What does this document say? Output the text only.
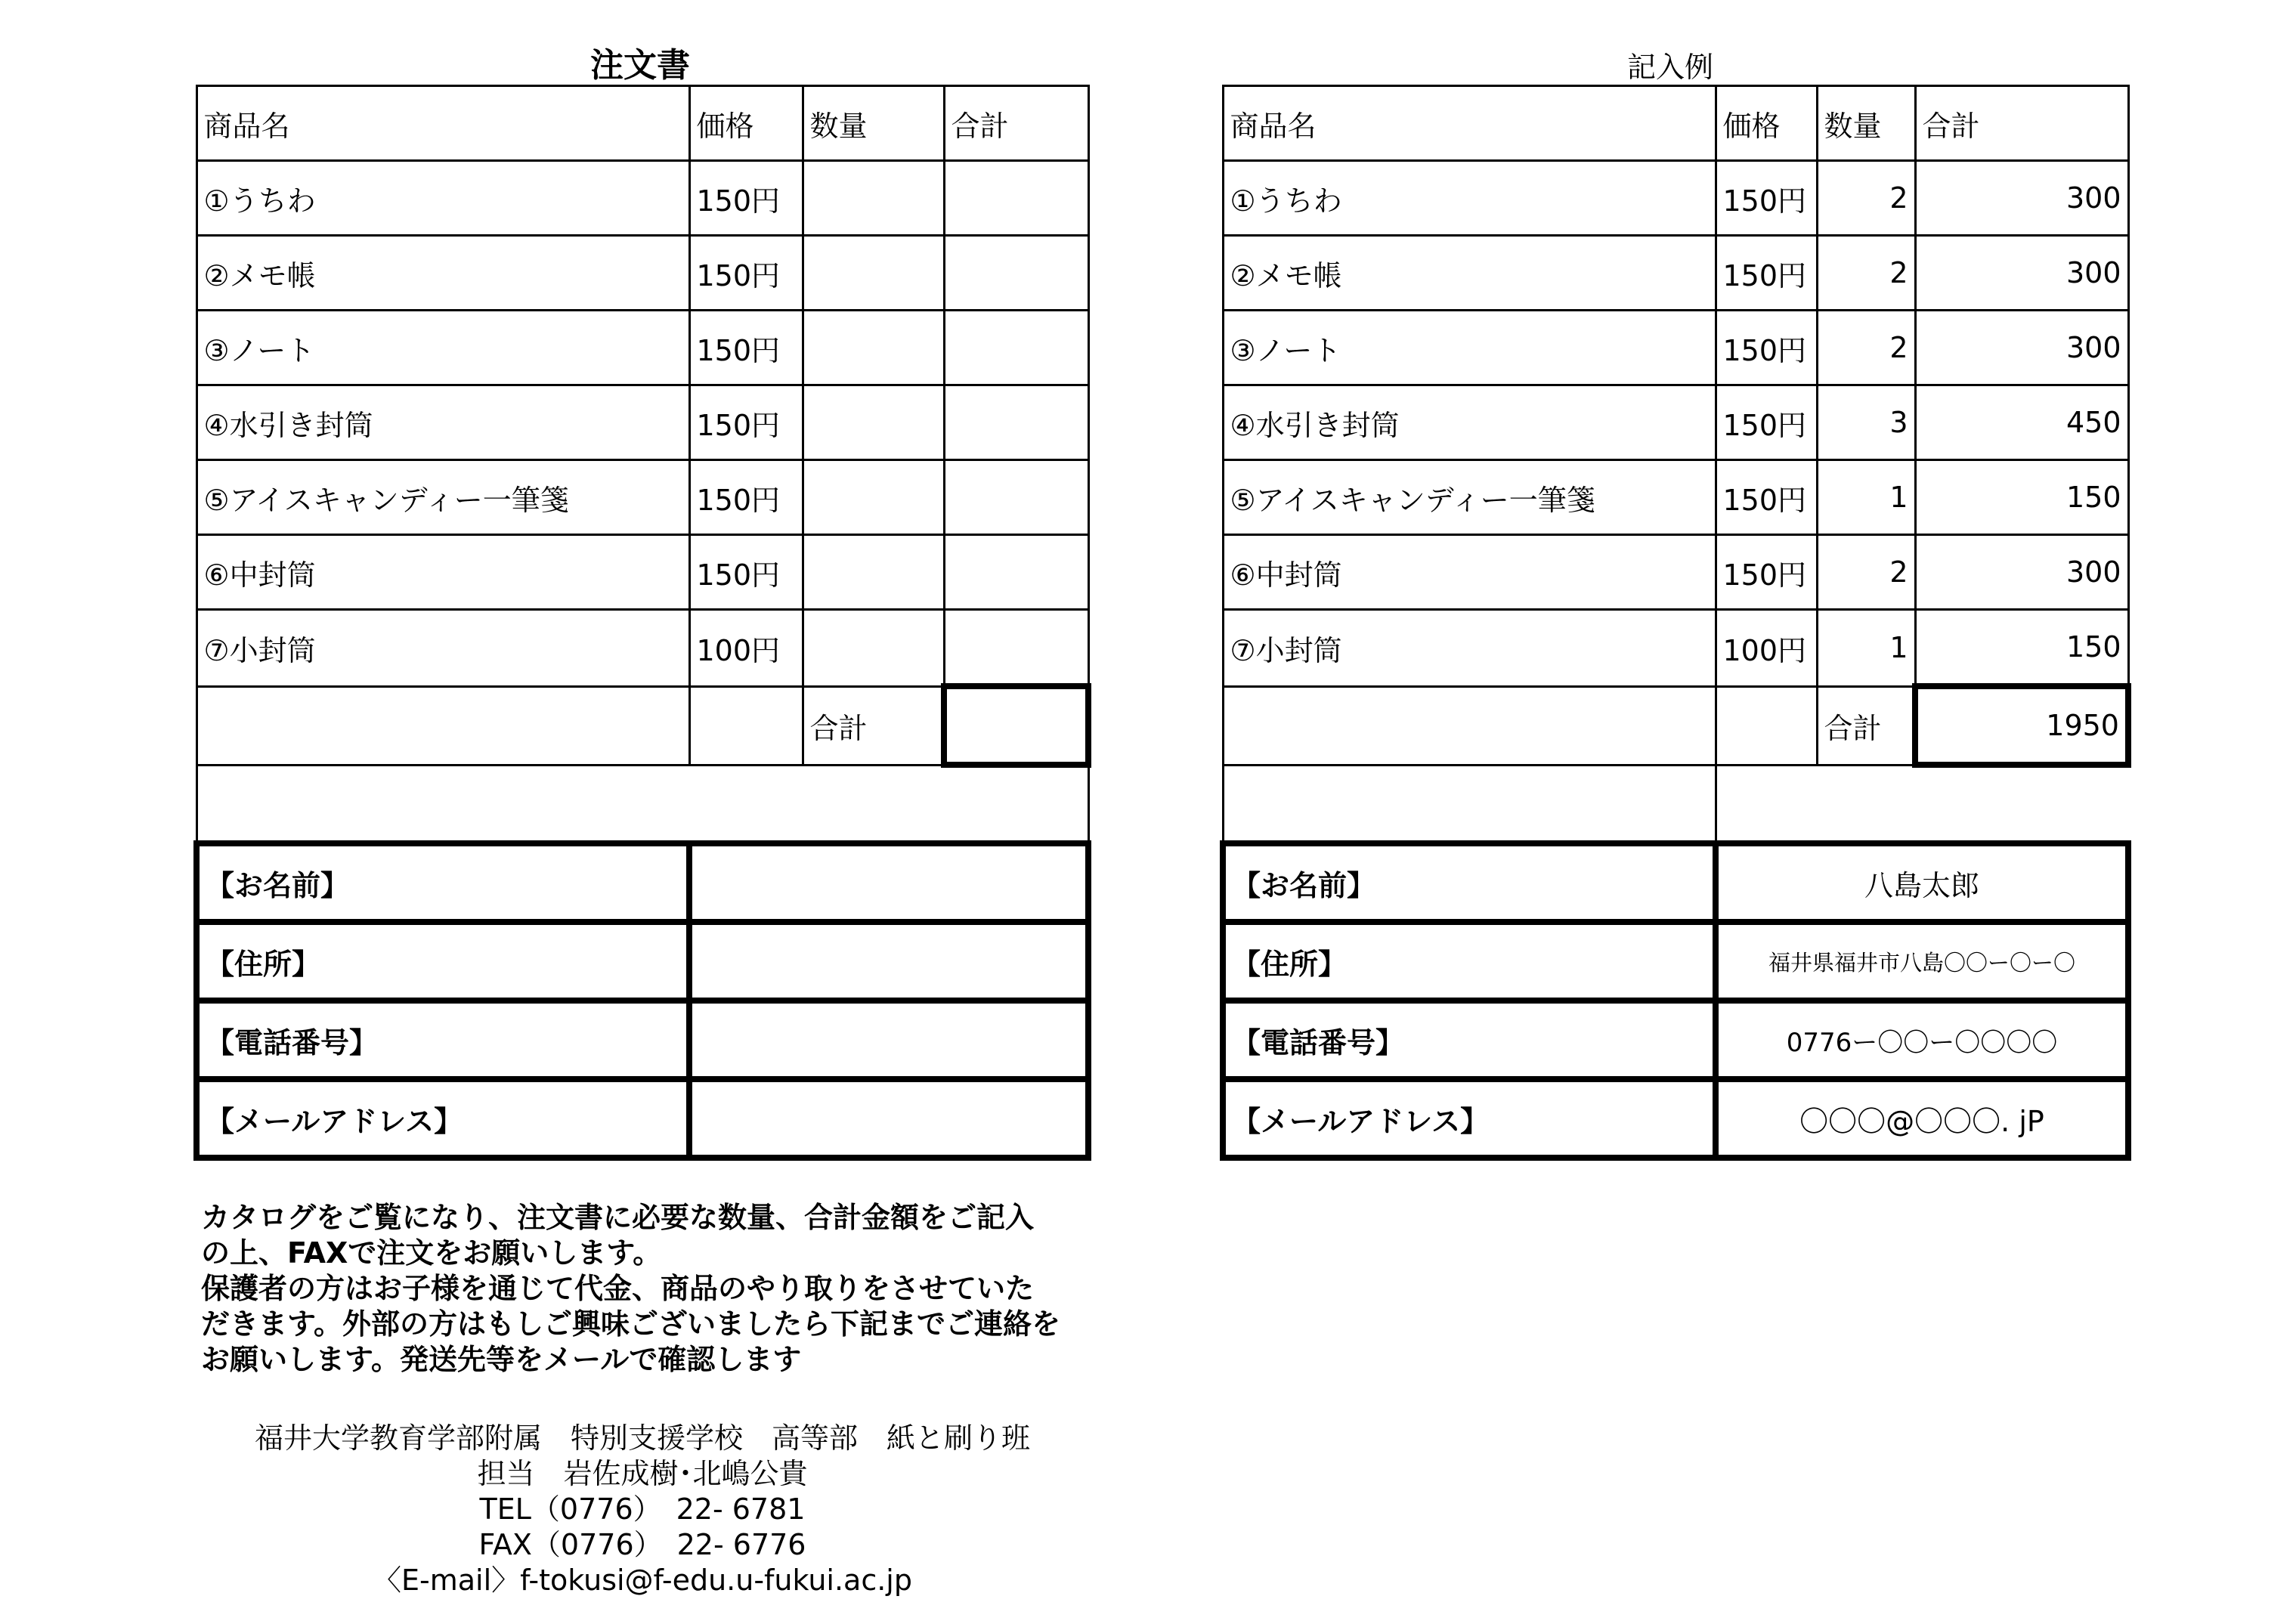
注文書	記入例
商品名	価格	数量	合計
①うちわ	150円		
②メモ帳	150円		
③ノート	150円		
④水引き封筒	150円		
⑤アイスキャンディー一筆箋	150円		
⑥中封筒	150円		
⑦小封筒	100円		
		合計	

【お名前】			
【住所】			
【電話番号】			
【メールアドレス】			
商品名	価格	数量	合計
①うちわ	150円	2	300
②メモ帳	150円	2	300
③ノート	150円	2	300
④水引き封筒	150円	3	450
⑤アイスキャンディー一筆箋	150円	1	150
⑥中封筒	150円	2	300
⑦小封筒	100円	1	150
		合計	1950

【お名前】	八島太郎		
【住所】	福井県福井市八島〇〇ー〇ー〇		
【電話番号】	0776ー〇〇ー〇〇〇〇		
【メールアドレス】	〇〇〇@〇〇〇. jP		
カタログをご覧になり、注文書に必要な数量、合計金額をご記入
の上、FAXで注文をお願いします。
保護者の方はお子様を通じて代金、商品のやり取りをさせていた
だきます。外部の方はもしご興味ございましたら下記までご連絡を
お願いします。発送先等をメールで確認します
福井大学教育学部附属　特別支援学校　高等部　紙と刷り班
担当　岩佐成樹･北嶋公貴
TEL（0776）　22- 6781
FAX（0776）　22- 6776
〈E-mail〉f-tokusi@f-edu.u-fukui.ac.jp
